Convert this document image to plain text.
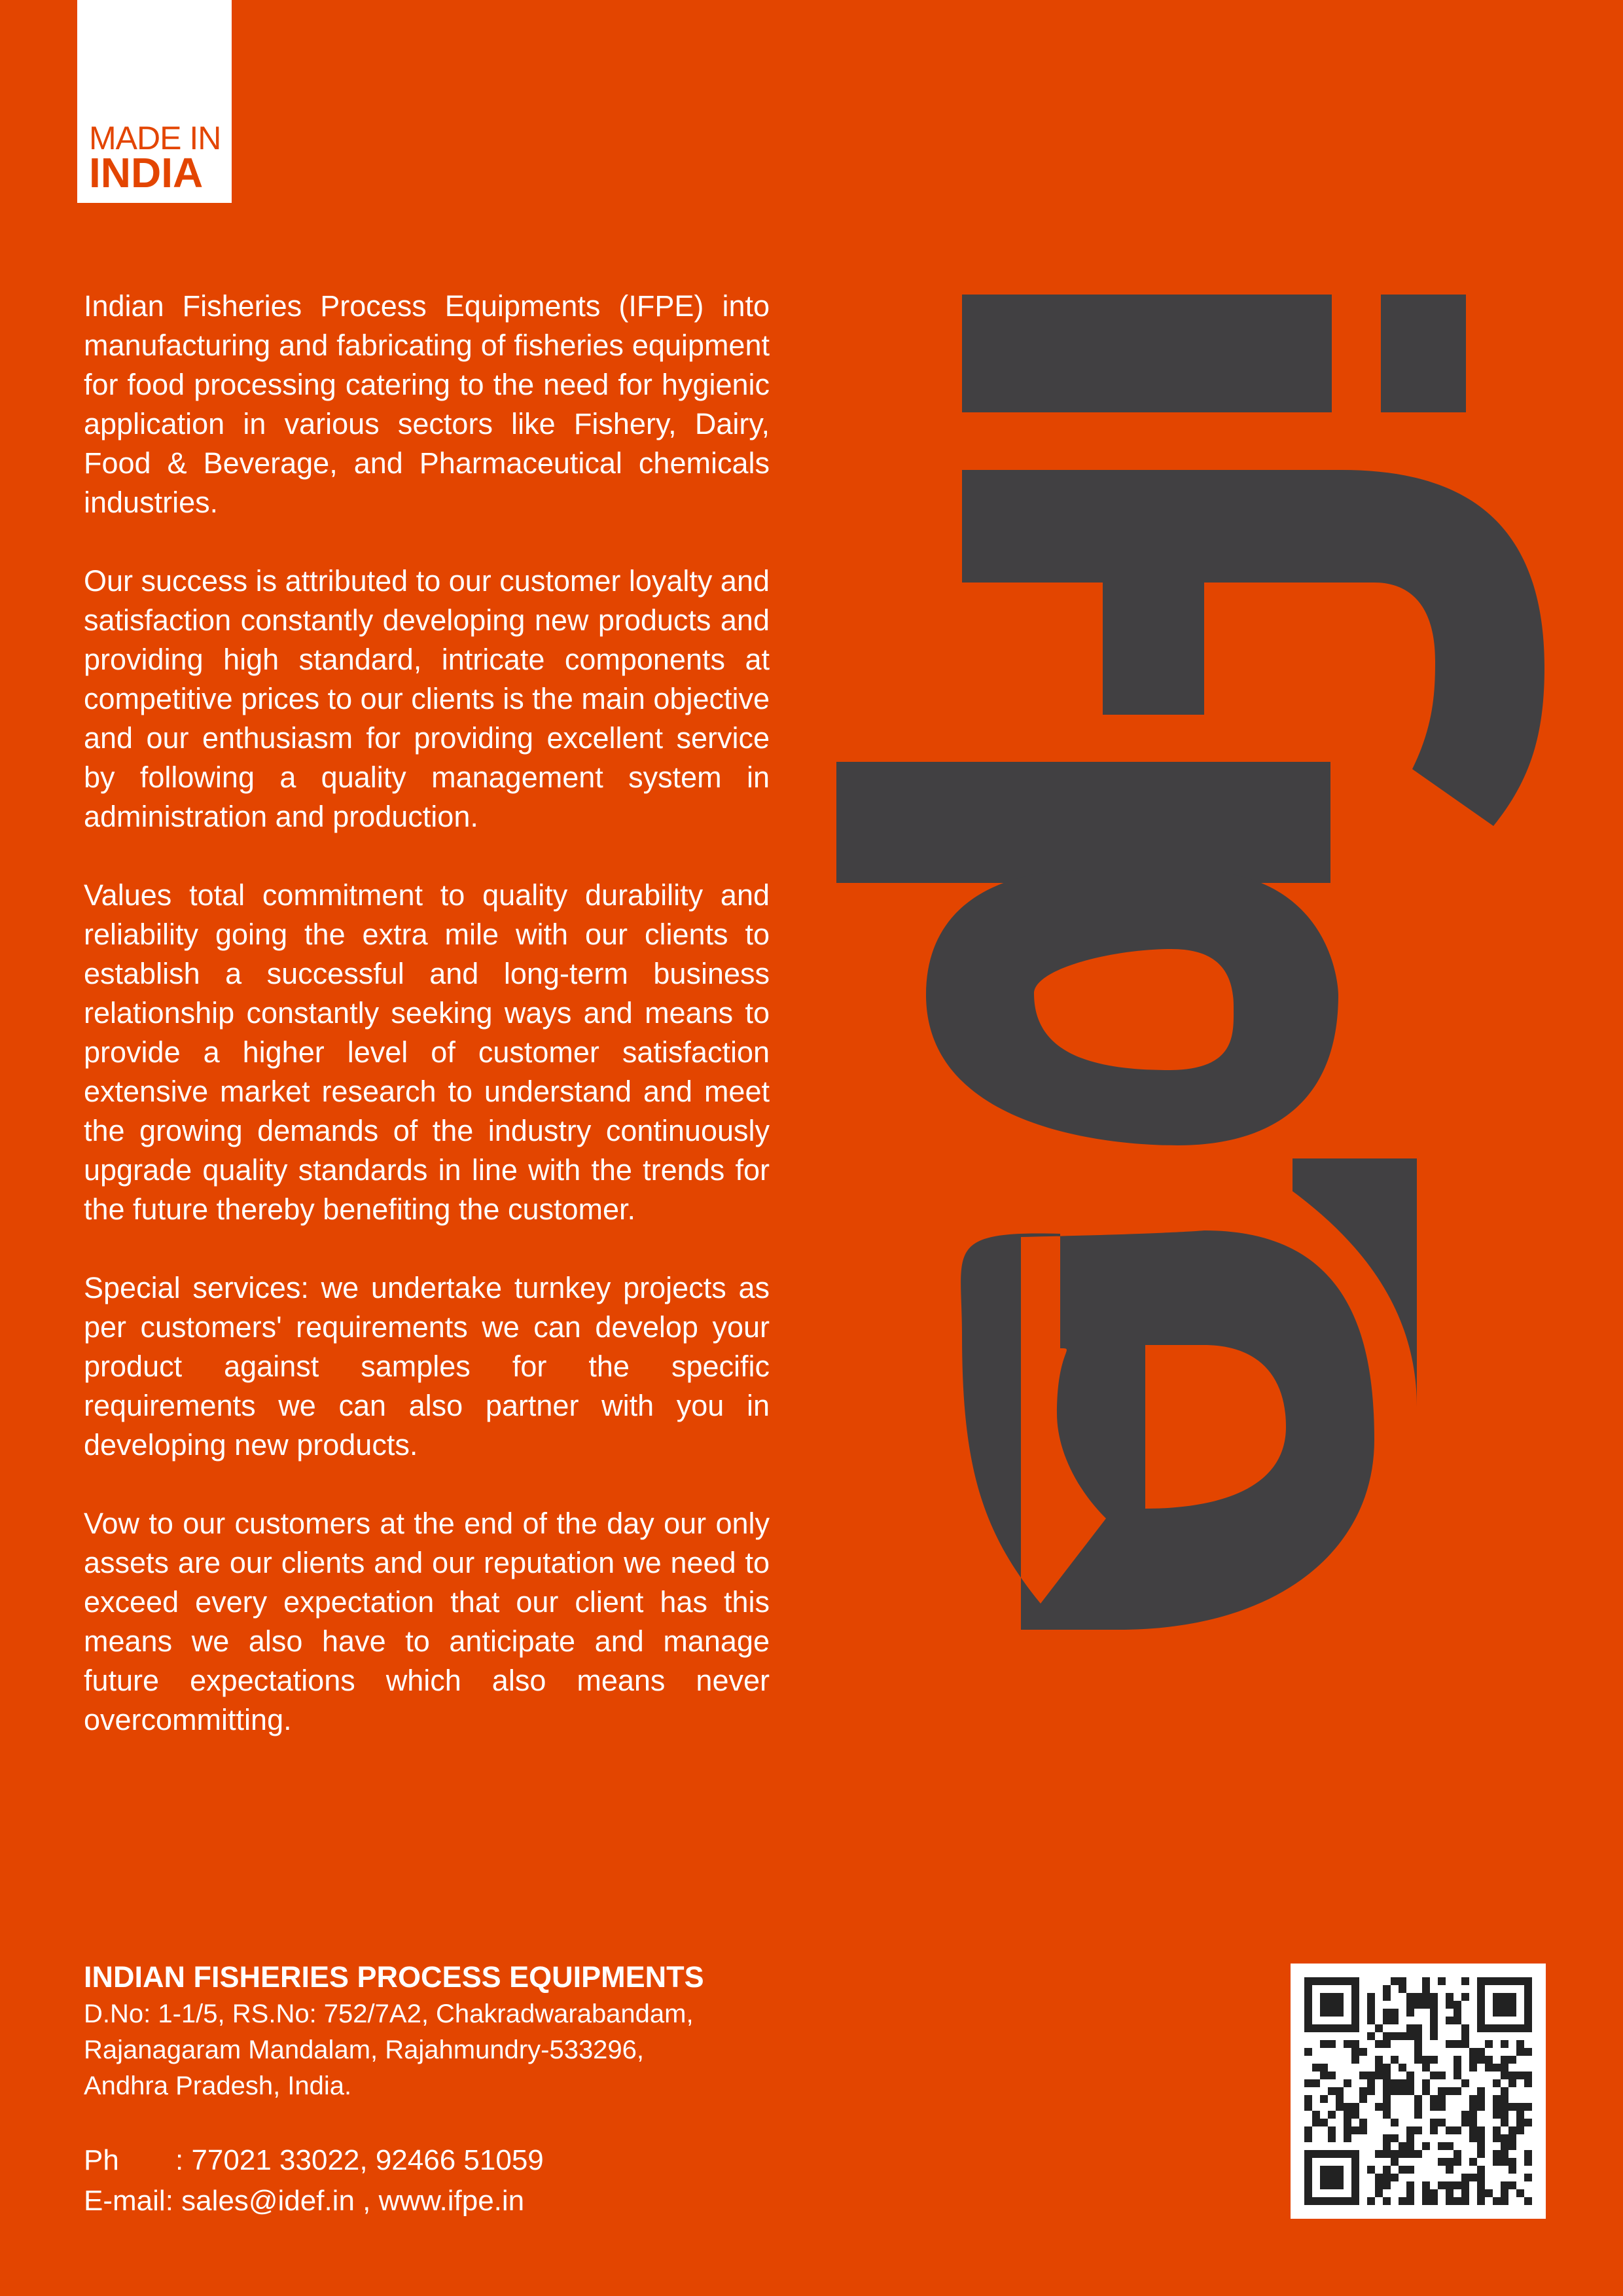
MADE IN
INDIA

Indian Fisheries Process Equipments (IFPE) into manufacturing and fabricating of fisheries equipment for food processing catering to the need for hygienic application in various sectors like Fishery, Dairy, Food & Beverage, and Pharmaceutical chemicals industries.

Our success is attributed to our customer loyalty and satisfaction constantly developing new products and providing high standard, intricate components at competitive prices to our clients is the main objective and our enthusiasm for providing excellent service by following a quality management system in administration and production.

Values total commitment to quality durability and reliability going the extra mile with our clients to establish a successful and long-term business relationship constantly seeking ways and means to provide a higher level of customer satisfaction extensive market research to understand and meet the growing demands of the industry continuously upgrade quality standards in line with the trends for the future thereby benefiting the customer.

Special services: we undertake turnkey projects as per customers' requirements we can develop your product against samples for the specific requirements we can also partner with you in developing new products.

Vow to our customers at the end of the day our only assets are our clients and our reputation we need to exceed every expectation that our client has this means we also have to anticipate and manage future expectations which also means never overcommitting.

INDIAN FISHERIES PROCESS EQUIPMENTS
D.No: 1-1/5, RS.No: 752/7A2, Chakradwarabandam,
Rajanagaram Mandalam, Rajahmundry-533296,
Andhra Pradesh, India.
Ph : 77021 33022, 92466 51059
E-mail: sales@idef.in , www.ifpe.in
